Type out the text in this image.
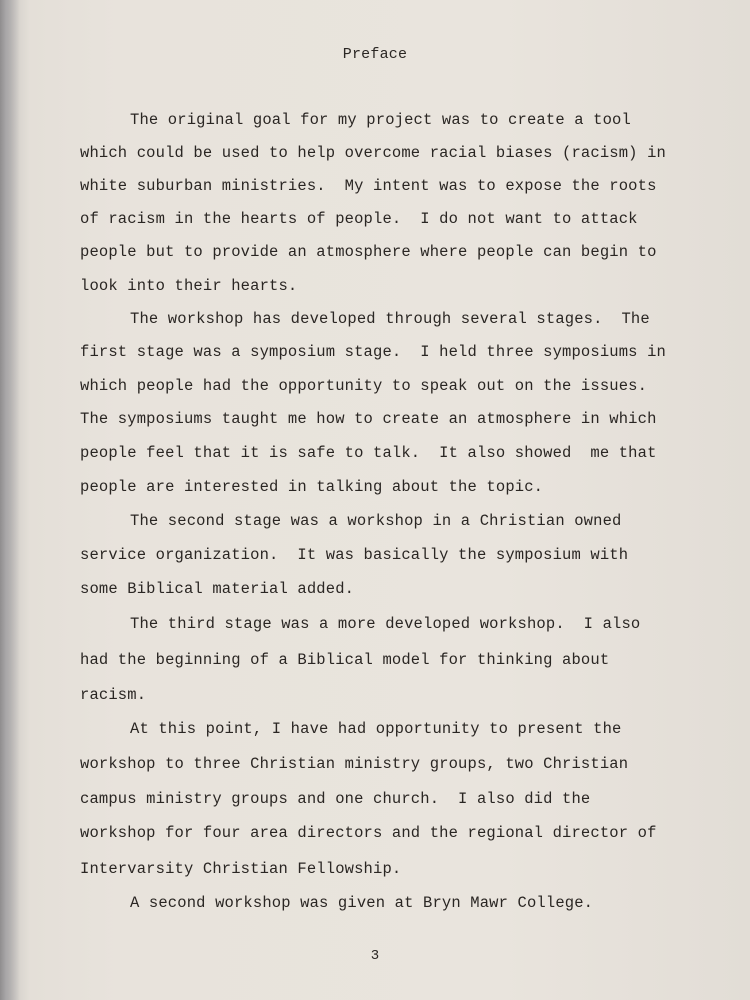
Preface
The original goal for my project was to create a tool
which could be used to help overcome racial biases (racism) in
white suburban ministries.  My intent was to expose the roots
of racism in the hearts of people.  I do not want to attack
people but to provide an atmosphere where people can begin to
look into their hearts.
The workshop has developed through several stages.  The
first stage was a symposium stage.  I held three symposiums in
which people had the opportunity to speak out on the issues.
The symposiums taught me how to create an atmosphere in which
people feel that it is safe to talk.  It also showed  me that
people are interested in talking about the topic.
The second stage was a workshop in a Christian owned
service organization.  It was basically the symposium with
some Biblical material added.
The third stage was a more developed workshop.  I also
had the beginning of a Biblical model for thinking about
racism.
At this point, I have had opportunity to present the
workshop to three Christian ministry groups, two Christian
campus ministry groups and one church.  I also did the
workshop for four area directors and the regional director of
Intervarsity Christian Fellowship.
A second workshop was given at Bryn Mawr College.
3
